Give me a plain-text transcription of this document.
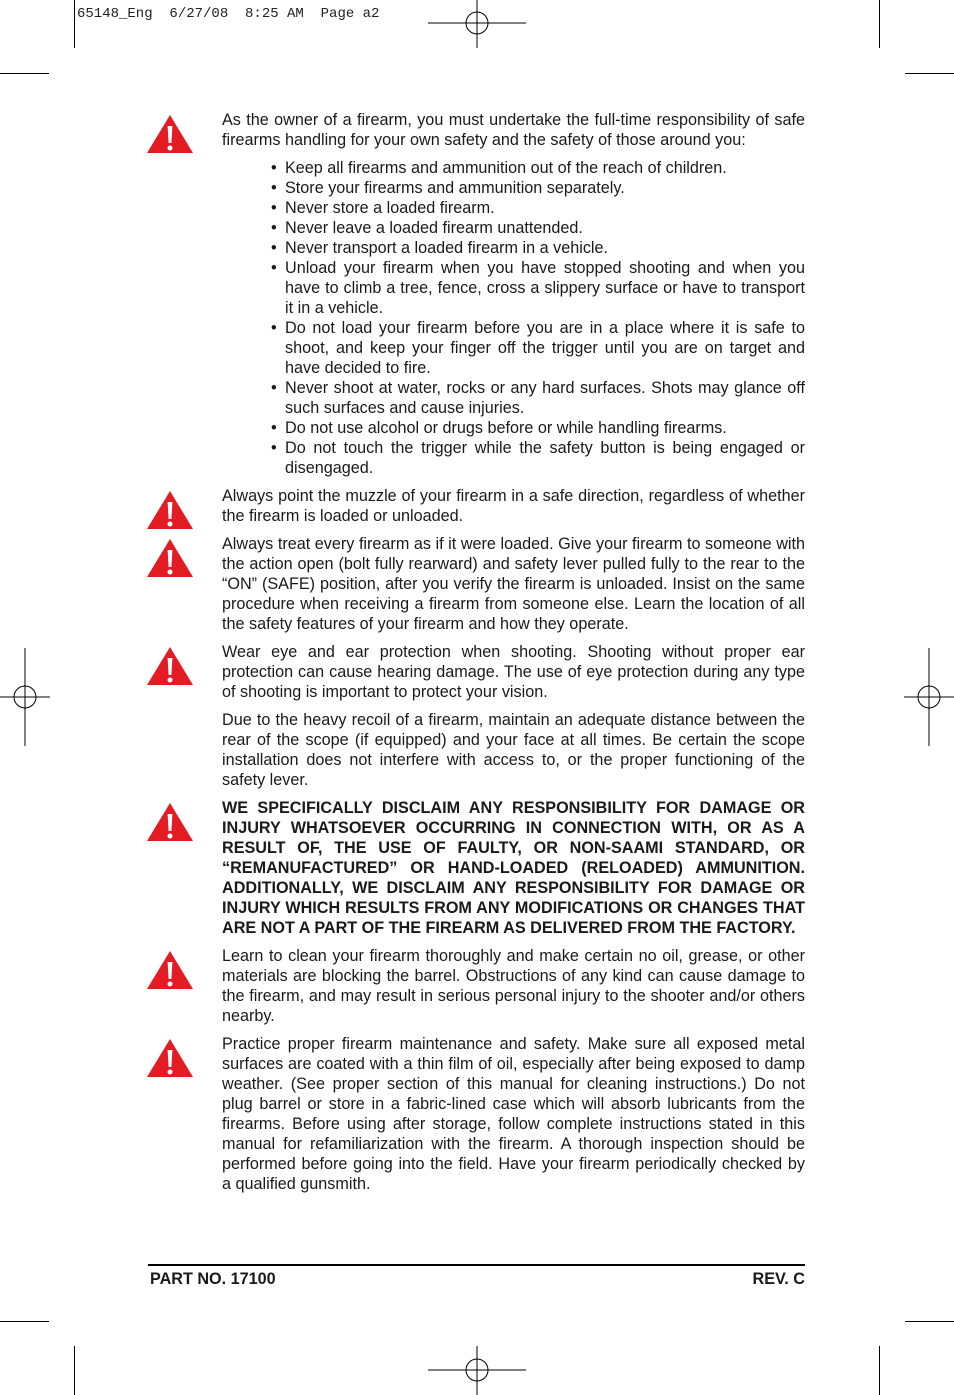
65148_Eng  6/27/08  8:25 AM  Page a2
As the owner of a firearm, you must undertake the full-time responsibility of safe firearms handling for your own safety and the safety of those around you:
• Keep all firearms and ammunition out of the reach of children.
• Store your firearms and ammunition separately.
• Never store a loaded firearm.
• Never leave a loaded firearm unattended.
• Never transport a loaded firearm in a vehicle.
• Unload your firearm when you have stopped shooting and when you have to climb a tree, fence, cross a slippery surface or have to transport it in a vehicle.
• Do not load your firearm before you are in a place where it is safe to shoot, and keep your finger off the trigger until you are on target and have decided to fire.
• Never shoot at water, rocks or any hard surfaces. Shots may glance off such surfaces and cause injuries.
• Do not use alcohol or drugs before or while handling firearms.
• Do not touch the trigger while the safety button is being engaged or disengaged.
Always point the muzzle of your firearm in a safe direction, regardless of whether the firearm is loaded or unloaded.
Always treat every firearm as if it were loaded. Give your firearm to someone with the action open (bolt fully rearward) and safety lever pulled fully to the rear to the “ON” (SAFE) position, after you verify the firearm is unloaded. Insist on the same procedure when receiving a firearm from someone else. Learn the location of all the safety features of your firearm and how they operate.
Wear eye and ear protection when shooting. Shooting without proper ear protection can cause hearing damage. The use of eye protection during any type of shooting is important to protect your vision.
Due to the heavy recoil of a firearm, maintain an adequate distance between the rear of the scope (if equipped) and your face at all times. Be certain the scope installation does not interfere with access to, or the proper functioning of the safety lever.
WE SPECIFICALLY DISCLAIM ANY RESPONSIBILITY FOR DAMAGE OR INJURY WHATSOEVER OCCURRING IN CONNECTION WITH, OR AS A RESULT OF, THE USE OF FAULTY, OR NON-SAAMI STANDARD, OR “REMANUFACTURED” OR HAND-LOADED (RELOADED) AMMUNITION. ADDITIONALLY, WE DISCLAIM ANY RESPONSIBILITY FOR DAMAGE OR INJURY WHICH RESULTS FROM ANY MODIFICATIONS OR CHANGES THAT ARE NOT A PART OF THE FIREARM AS DELIVERED FROM THE FACTORY.
Learn to clean your firearm thoroughly and make certain no oil, grease, or other materials are blocking the barrel. Obstructions of any kind can cause damage to the firearm, and may result in serious personal injury to the shooter and/or others nearby.
Practice proper firearm maintenance and safety. Make sure all exposed metal surfaces are coated with a thin film of oil, especially after being exposed to damp weather. (See proper section of this manual for cleaning instructions.) Do not plug barrel or store in a fabric-lined case which will absorb lubricants from the firearms. Before using after storage, follow complete instructions stated in this manual for refamiliarization with the firearm. A thorough inspection should be performed before going into the field. Have your firearm periodically checked by a qualified gunsmith.
PART NO. 17100	REV. C
